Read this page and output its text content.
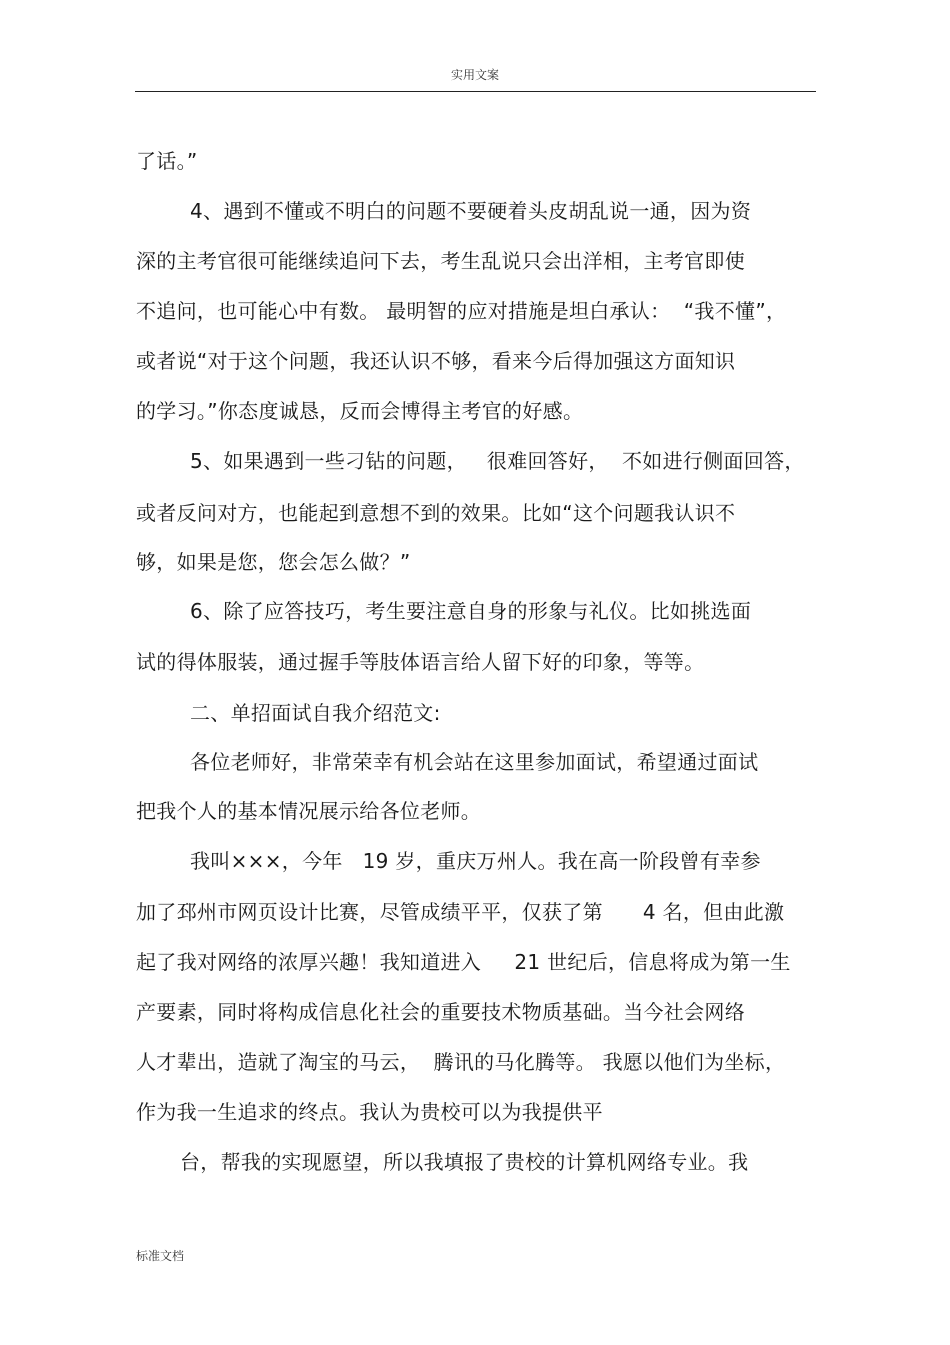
实用文案
了话。”
4、遇到不懂或不明白的问题不要硬着头皮胡乱说一通，因为资
深的主考官很可能继续追问下去，考生乱说只会出洋相，主考官即使
不追问，也可能心中有数。 最明智的应对措施是坦白承认：  “我不懂”，
或者说“对于这个问题，我还认识不够，看来今后得加强这方面知识
的学习。”你态度诚恳，反而会博得主考官的好感。
5、如果遇到一些刁钻的问题，   很难回答好，  不如进行侧面回答，
或者反问对方，也能起到意想不到的效果。比如“这个问题我认识不
够，如果是您，您会怎么做？”
6、除了应答技巧，考生要注意自身的形象与礼仪。比如挑选面
试的得体服装，通过握手等肢体语言给人留下好的印象，等等。
二、单招面试自我介绍范文:
各位老师好，非常荣幸有机会站在这里参加面试，希望通过面试
把我个人的基本情况展示给各位老师。
我叫×××，今年   19 岁，重庆万州人。我在高一阶段曾有幸参
加了邳州市网页设计比赛，尽管成绩平平，仅获了第      4 名，但由此激
起了我对网络的浓厚兴趣！我知道进入     21 世纪后，信息将成为第一生
产要素，同时将构成信息化社会的重要技术物质基础。当今社会网络
人才辈出，造就了淘宝的马云，  腾讯的马化腾等。 我愿以他们为坐标，
作为我一生追求的终点。我认为贵校可以为我提供平
台，帮我的实现愿望，所以我填报了贵校的计算机网络专业。我
标准文档
